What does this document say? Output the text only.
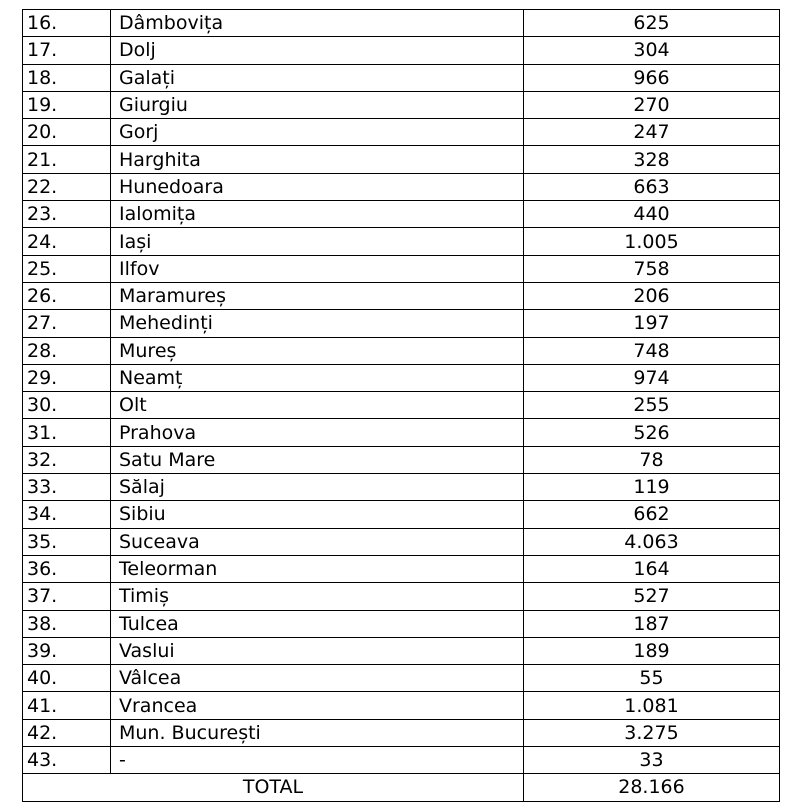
16.	Dâmbovița	625
17.	Dolj	304
18.	Galați	966
19.	Giurgiu	270
20.	Gorj	247
21.	Harghita	328
22.	Hunedoara	663
23.	Ialomița	440
24.	Iași	1.005
25.	Ilfov	758
26.	Maramureș	206
27.	Mehedinți	197
28.	Mureș	748
29.	Neamț	974
30.	Olt	255
31.	Prahova	526
32.	Satu Mare	78
33.	Sălaj	119
34.	Sibiu	662
35.	Suceava	4.063
36.	Teleorman	164
37.	Timiș	527
38.	Tulcea	187
39.	Vaslui	189
40.	Vâlcea	55
41.	Vrancea	1.081
42.	Mun. București	3.275
43.	-	33
TOTAL		28.166
